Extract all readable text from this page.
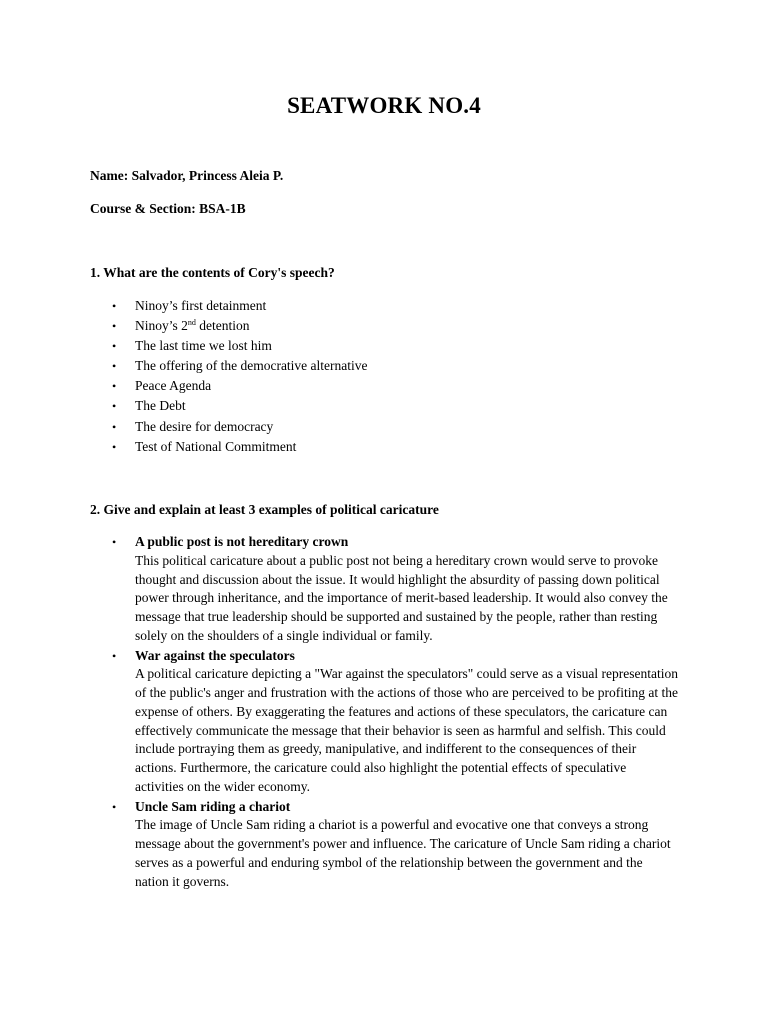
SEATWORK NO.4
Name: Salvador, Princess Aleia P.
Course & Section: BSA-1B
1. What are the contents of Cory's speech?
• Ninoy’s first detainment
• Ninoy’s 2nd detention
• The last time we lost him
• The offering of the democrative alternative
• Peace Agenda
• The Debt
• The desire for democracy
• Test of National Commitment
2. Give and explain at least 3 examples of political caricature
• A public post is not hereditary crown
This political caricature about a public post not being a hereditary crown would serve to provoke thought and discussion about the issue. It would highlight the absurdity of passing down political power through inheritance, and the importance of merit-based leadership. It would also convey the message that true leadership should be supported and sustained by the people, rather than resting solely on the shoulders of a single individual or family.
• War against the speculators
A political caricature depicting a "War against the speculators" could serve as a visual representation of the public's anger and frustration with the actions of those who are perceived to be profiting at the expense of others. By exaggerating the features and actions of these speculators, the caricature can effectively communicate the message that their behavior is seen as harmful and selfish. This could include portraying them as greedy, manipulative, and indifferent to the consequences of their actions. Furthermore, the caricature could also highlight the potential effects of speculative activities on the wider economy.
• Uncle Sam riding a chariot
The image of Uncle Sam riding a chariot is a powerful and evocative one that conveys a strong message about the government's power and influence. The caricature of Uncle Sam riding a chariot serves as a powerful and enduring symbol of the relationship between the government and the nation it governs.
